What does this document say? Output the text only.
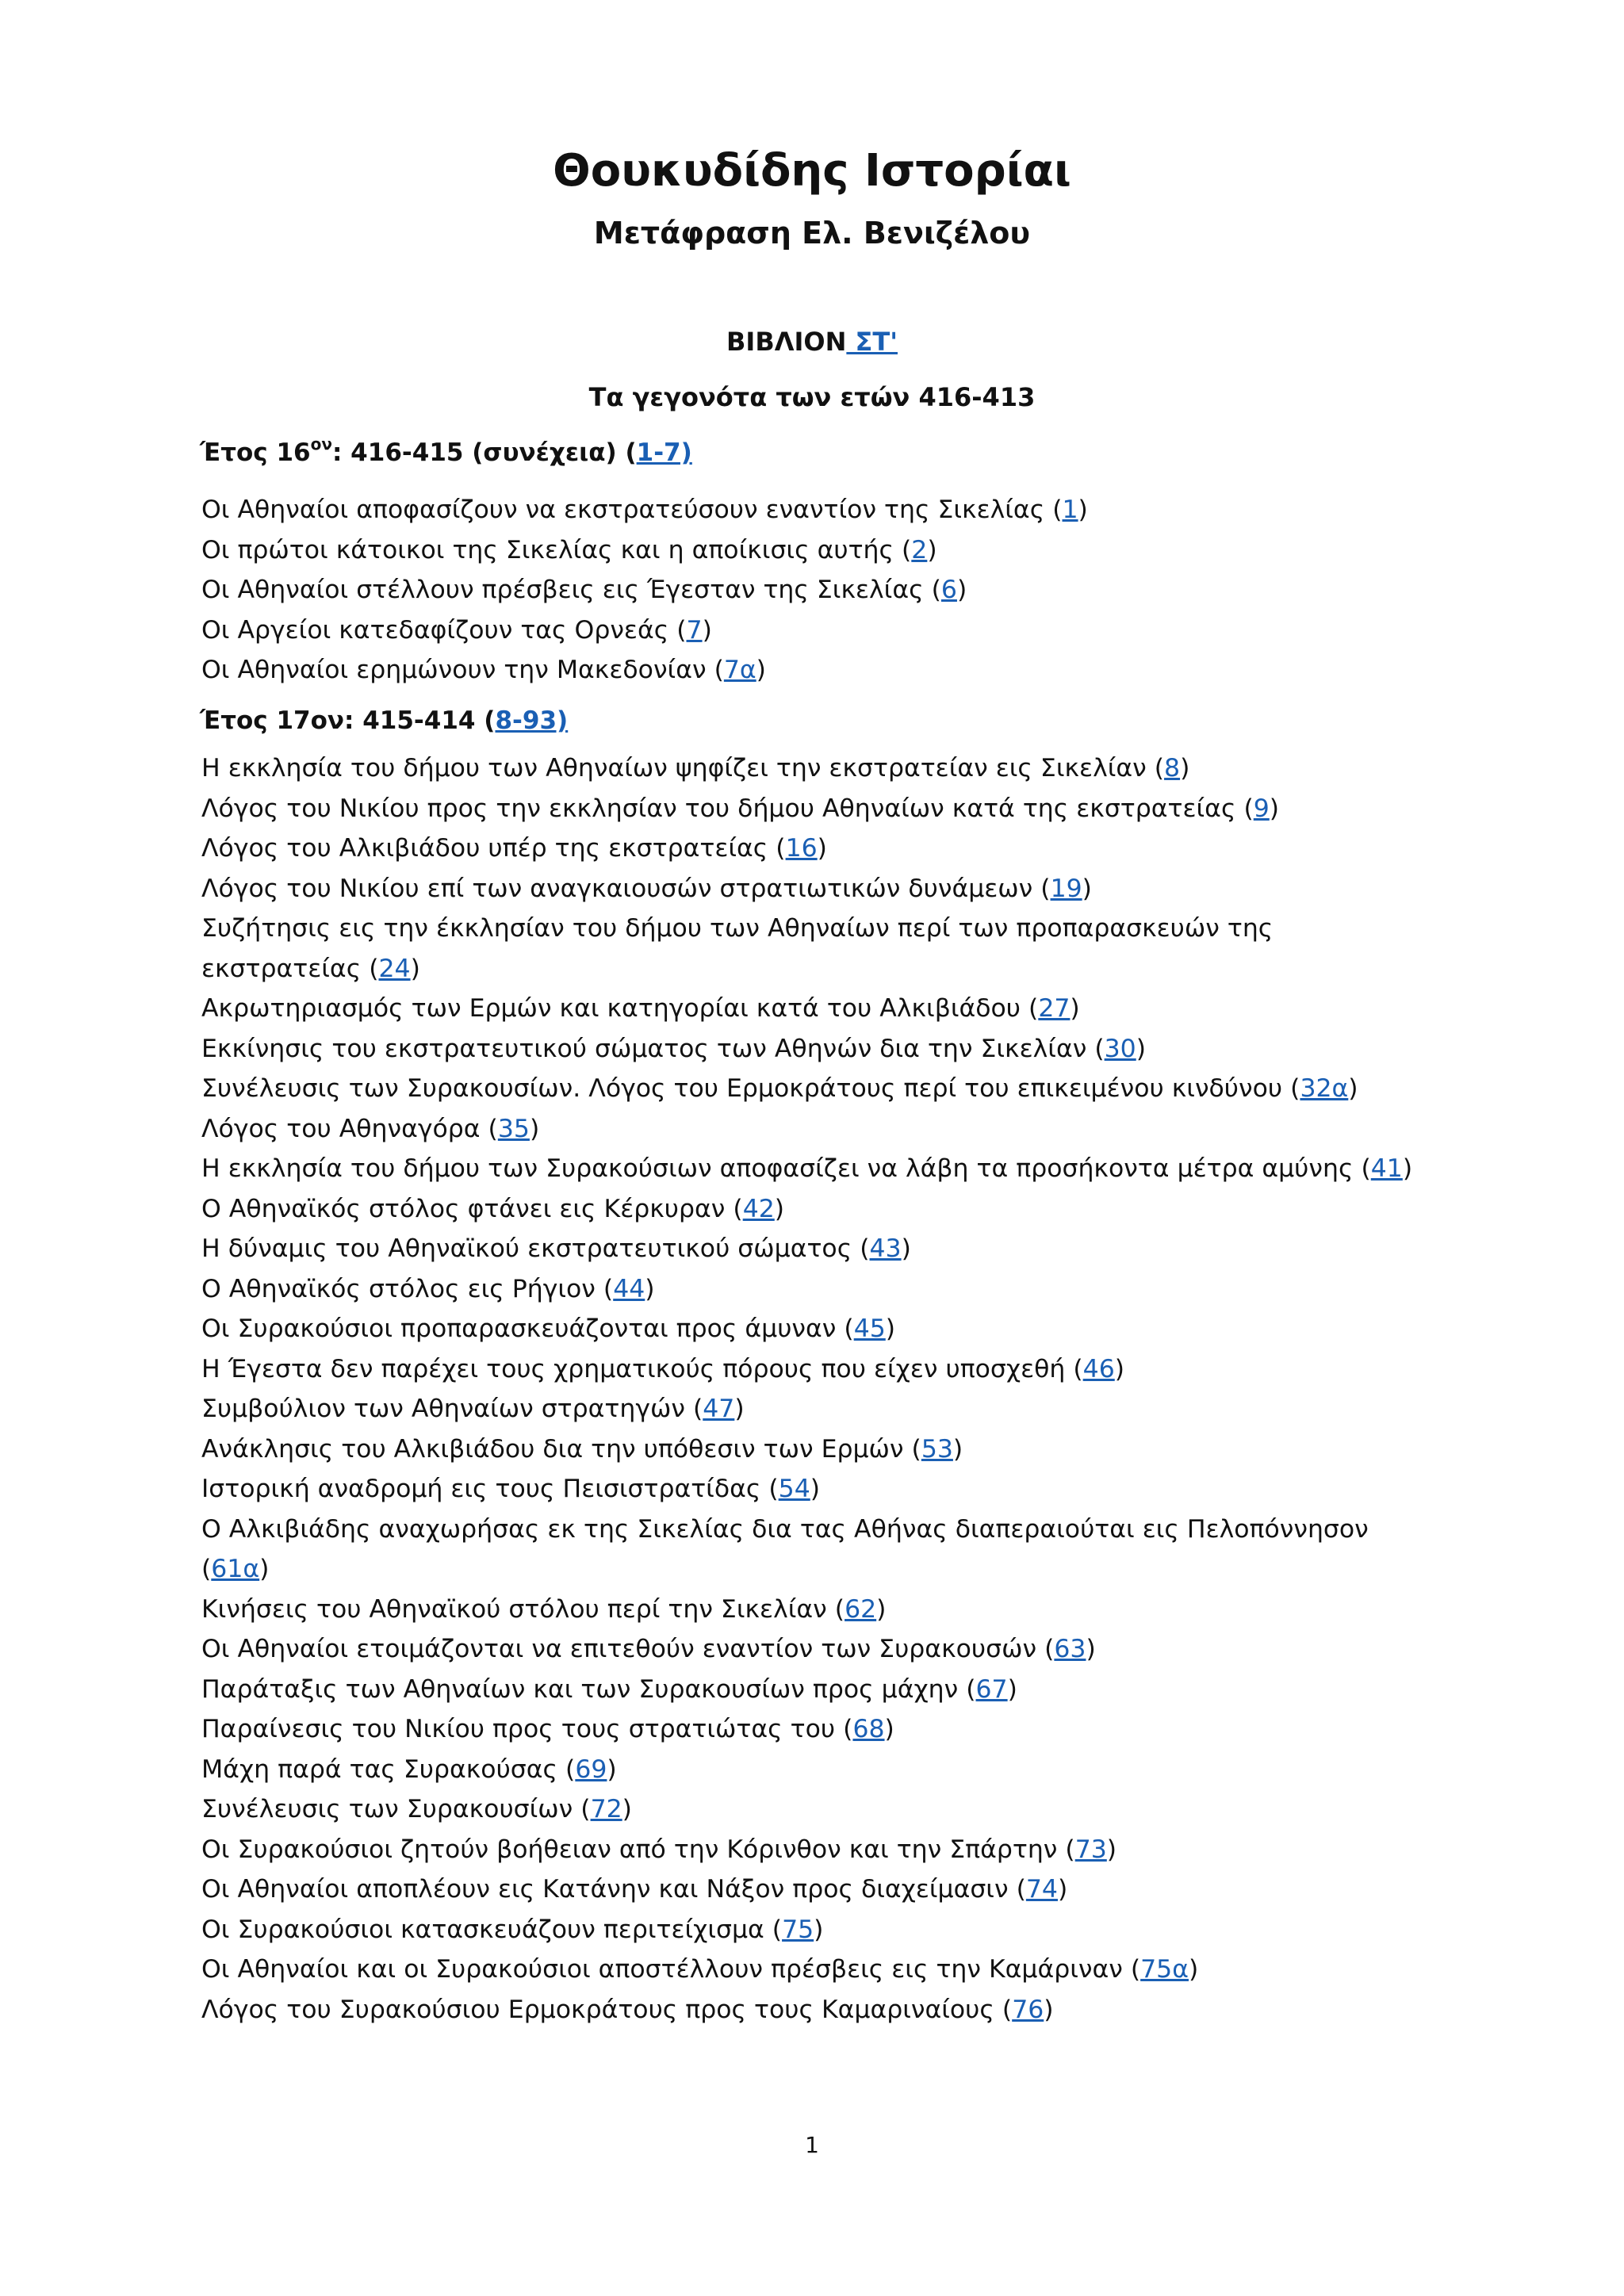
Θουκυδίδης Ιστορίαι
Μετάφραση Ελ. Βενιζέλου
ΒΙΒΛΙΟΝ ΣΤ'
Τα γεγονότα των ετών 416-413
Έτος $16^{o\nu}$: 416-415 (συνέχεια) (1-7)
Οι Αθηναίοι αποφασίζουν να εκστρατεύσουν εναντίον της Σικελίας (1)
Οι πρώτοι κάτοικοι της Σικελίας και η αποίκισις αυτής (2)
Οι Αθηναίοι στέλλουν πρέσβεις εις Έγεσταν της Σικελίας (6)
Οι Αργείοι κατεδαφίζουν τας Ορνεάς (7)
Οι Αθηναίοι ερημώνουν την Μακεδονίαν (7α)
Έτος 17ον: 415-414 (8-93)
Η εκκλησία του δήμου των Αθηναίων ψηφίζει την εκστρατείαν εις Σικελίαν (8)
Λόγος του Νικίου προς την εκκλησίαν του δήμου Αθηναίων κατά της εκστρατείας (9)
Λόγος του Αλκιβιάδου υπέρ της εκστρατείας (16)
Λόγος του Νικίου επί των αναγκαιουσών στρατιωτικών δυνάμεων (19)
Συζήτησις εις την έκκλησίαν του δήμου των Αθηναίων περί των προπαρασκευών της εκστρατείας (24)
Ακρωτηριασμός των Ερμών και κατηγορίαι κατά του Αλκιβιάδου (27)
Εκκίνησις του εκστρατευτικού σώματος των Αθηνών δια την Σικελίαν (30)
Συνέλευσις των Συρακουσίων. Λόγος του Ερμοκράτους περί του επικειμένου κινδύνου (32α)
Λόγος του Αθηναγόρα (35)
Η εκκλησία του δήμου των Συρακούσιων αποφασίζει να λάβη τα προσήκοντα μέτρα αμύνης (41)
Ο Αθηναϊκός στόλος φτάνει εις Κέρκυραν (42)
Η δύναμις του Αθηναϊκού εκστρατευτικού σώματος (43)
Ο Αθηναϊκός στόλος εις Ρήγιον (44)
Οι Συρακούσιοι προπαρασκευάζονται προς άμυναν (45)
Η Έγεστα δεν παρέχει τους χρηματικούς πόρους που είχεν υποσχεθή (46)
Συμβούλιον των Αθηναίων στρατηγών (47)
Ανάκλησις του Αλκιβιάδου δια την υπόθεσιν των Ερμών (53)
Ιστορική αναδρομή εις τους Πεισιστρατίδας (54)
Ο Αλκιβιάδης αναχωρήσας εκ της Σικελίας δια τας Αθήνας διαπεραιούται εις Πελοπόννησον (61α)
Κινήσεις του Αθηναϊκού στόλου περί την Σικελίαν (62)
Οι Αθηναίοι ετοιμάζονται να επιτεθούν εναντίον των Συρακουσών (63)
Παράταξις των Αθηναίων και των Συρακουσίων προς μάχην (67)
Παραίνεσις του Νικίου προς τους στρατιώτας του (68)
Μάχη παρά τας Συρακούσας (69)
Συνέλευσις των Συρακουσίων (72)
Οι Συρακούσιοι ζητούν βοήθειαν από την Κόρινθον και την Σπάρτην (73)
Οι Αθηναίοι αποπλέουν εις Κατάνην και Νάξον προς διαχείμασιν (74)
Οι Συρακούσιοι κατασκευάζουν περιτείχισμα (75)
Οι Αθηναίοι και οι Συρακούσιοι αποστέλλουν πρέσβεις εις την Καμάριναν (75α)
Λόγος του Συρακούσιου Ερμοκράτους προς τους Καμαριναίους (76)
1
